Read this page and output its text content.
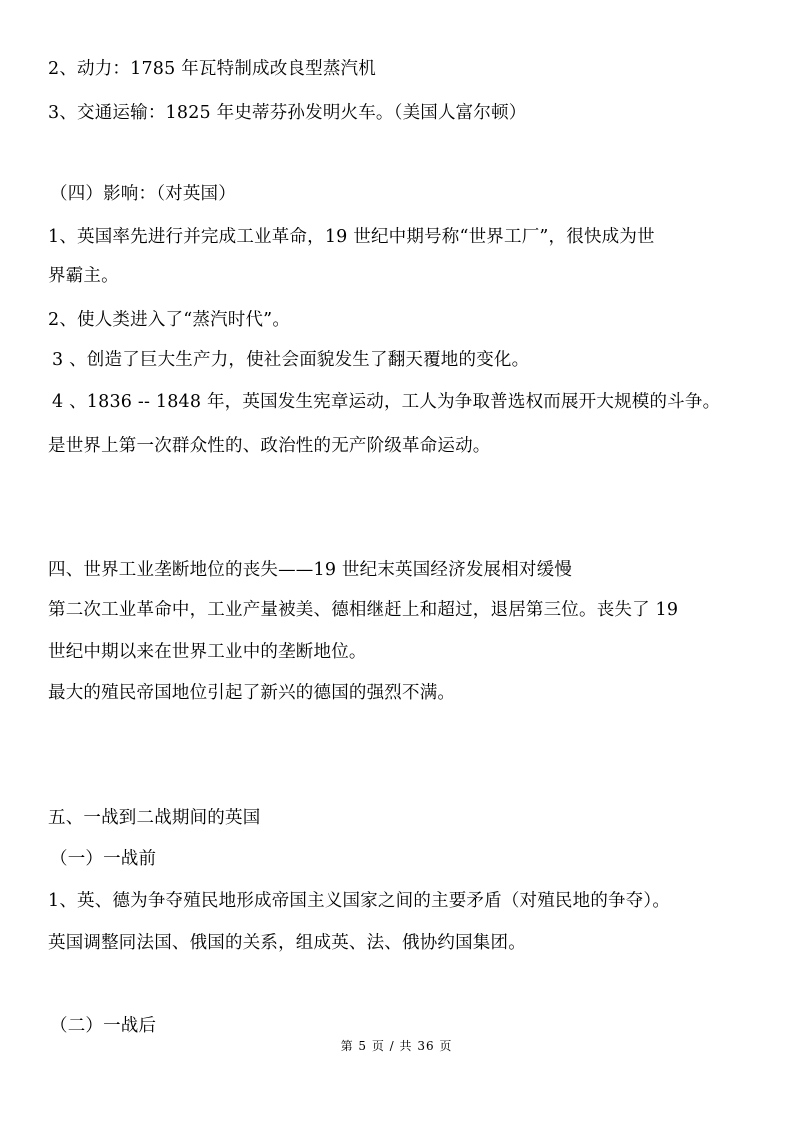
2、动力：1785 年瓦特制成改良型蒸汽机
3、交通运输：1825 年史蒂芬孙发明火车。（美国人富尔顿）
（四）影响：（对英国）
1、英国率先进行并完成工业革命，19 世纪中期号称“世界工厂”，很快成为世
界霸主。
2、使人类进入了“蒸汽时代”。
3 、创造了巨大生产力，使社会面貌发生了翻天覆地的变化。
4 、1836 -- 1848 年，英国发生宪章运动，工人为争取普选权而展开大规模的斗争。
是世界上第一次群众性的、政治性的无产阶级革命运动。
四、世界工业垄断地位的丧失——19 世纪末英国经济发展相对缓慢
第二次工业革命中，工业产量被美、德相继赶上和超过，退居第三位。丧失了 19
世纪中期以来在世界工业中的垄断地位。
最大的殖民帝国地位引起了新兴的德国的强烈不满。
五、一战到二战期间的英国
（一）一战前
1、英、德为争夺殖民地形成帝国主义国家之间的主要矛盾（对殖民地的争夺）。
英国调整同法国、俄国的关系，组成英、法、俄协约国集团。
（二）一战后
第 5 页 / 共 36 页
